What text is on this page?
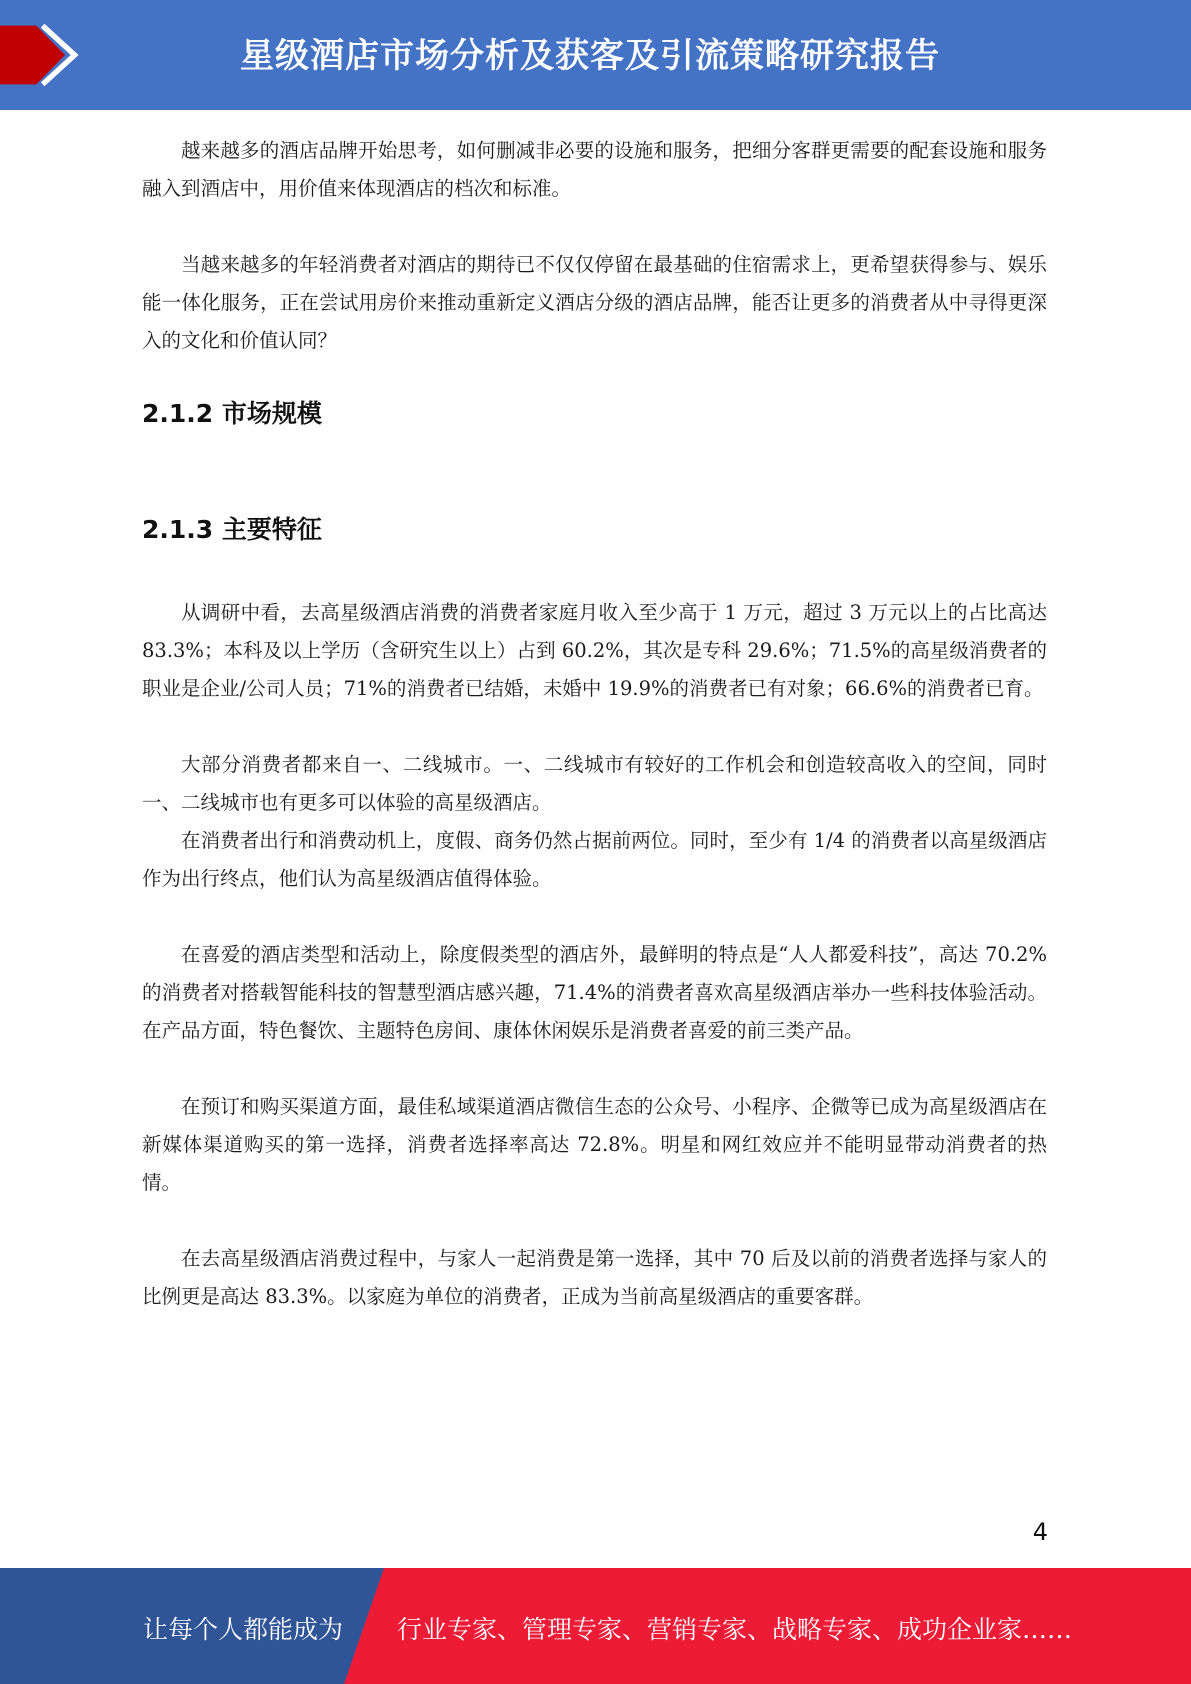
星级酒店市场分析及获客及引流策略研究报告

越来越多的酒店品牌开始思考，如何删减非必要的设施和服务，把细分客群更需要的配套设施和服务融入到酒店中，用价值来体现酒店的档次和标准。

当越来越多的年轻消费者对酒店的期待已不仅仅停留在最基础的住宿需求上，更希望获得参与、娱乐能一体化服务，正在尝试用房价来推动重新定义酒店分级的酒店品牌，能否让更多的消费者从中寻得更深入的文化和价值认同？

2.1.2 市场规模
2.1.3 主要特征

从调研中看，去高星级酒店消费的消费者家庭月收入至少高于 1 万元，超过 3 万元以上的占比高达 83.3%；本科及以上学历（含研究生以上）占到 60.2%，其次是专科 29.6%；71.5%的高星级消费者的职业是企业/公司人员；71%的消费者已结婚，未婚中 19.9%的消费者已有对象；66.6%的消费者已育。

大部分消费者都来自一、二线城市。一、二线城市有较好的工作机会和创造较高收入的空间，同时一、二线城市也有更多可以体验的高星级酒店。

在消费者出行和消费动机上，度假、商务仍然占据前两位。同时，至少有 1/4 的消费者以高星级酒店作为出行终点，他们认为高星级酒店值得体验。

在喜爱的酒店类型和活动上，除度假类型的酒店外，最鲜明的特点是“人人都爱科技”，高达 70.2%的消费者对搭载智能科技的智慧型酒店感兴趣，71.4%的消费者喜欢高星级酒店举办一些科技体验活动。在产品方面，特色餐饮、主题特色房间、康体休闲娱乐是消费者喜爱的前三类产品。

在预订和购买渠道方面，最佳私域渠道酒店微信生态的公众号、小程序、企微等已成为高星级酒店在新媒体渠道购买的第一选择，消费者选择率高达 72.8%。明星和网红效应并不能明显带动消费者的热情。

在去高星级酒店消费过程中，与家人一起消费是第一选择，其中 70 后及以前的消费者选择与家人的比例更是高达 83.3%。以家庭为单位的消费者，正成为当前高星级酒店的重要客群。

4
让每个人都能成为 行业专家、管理专家、营销专家、战略专家、成功企业家……
